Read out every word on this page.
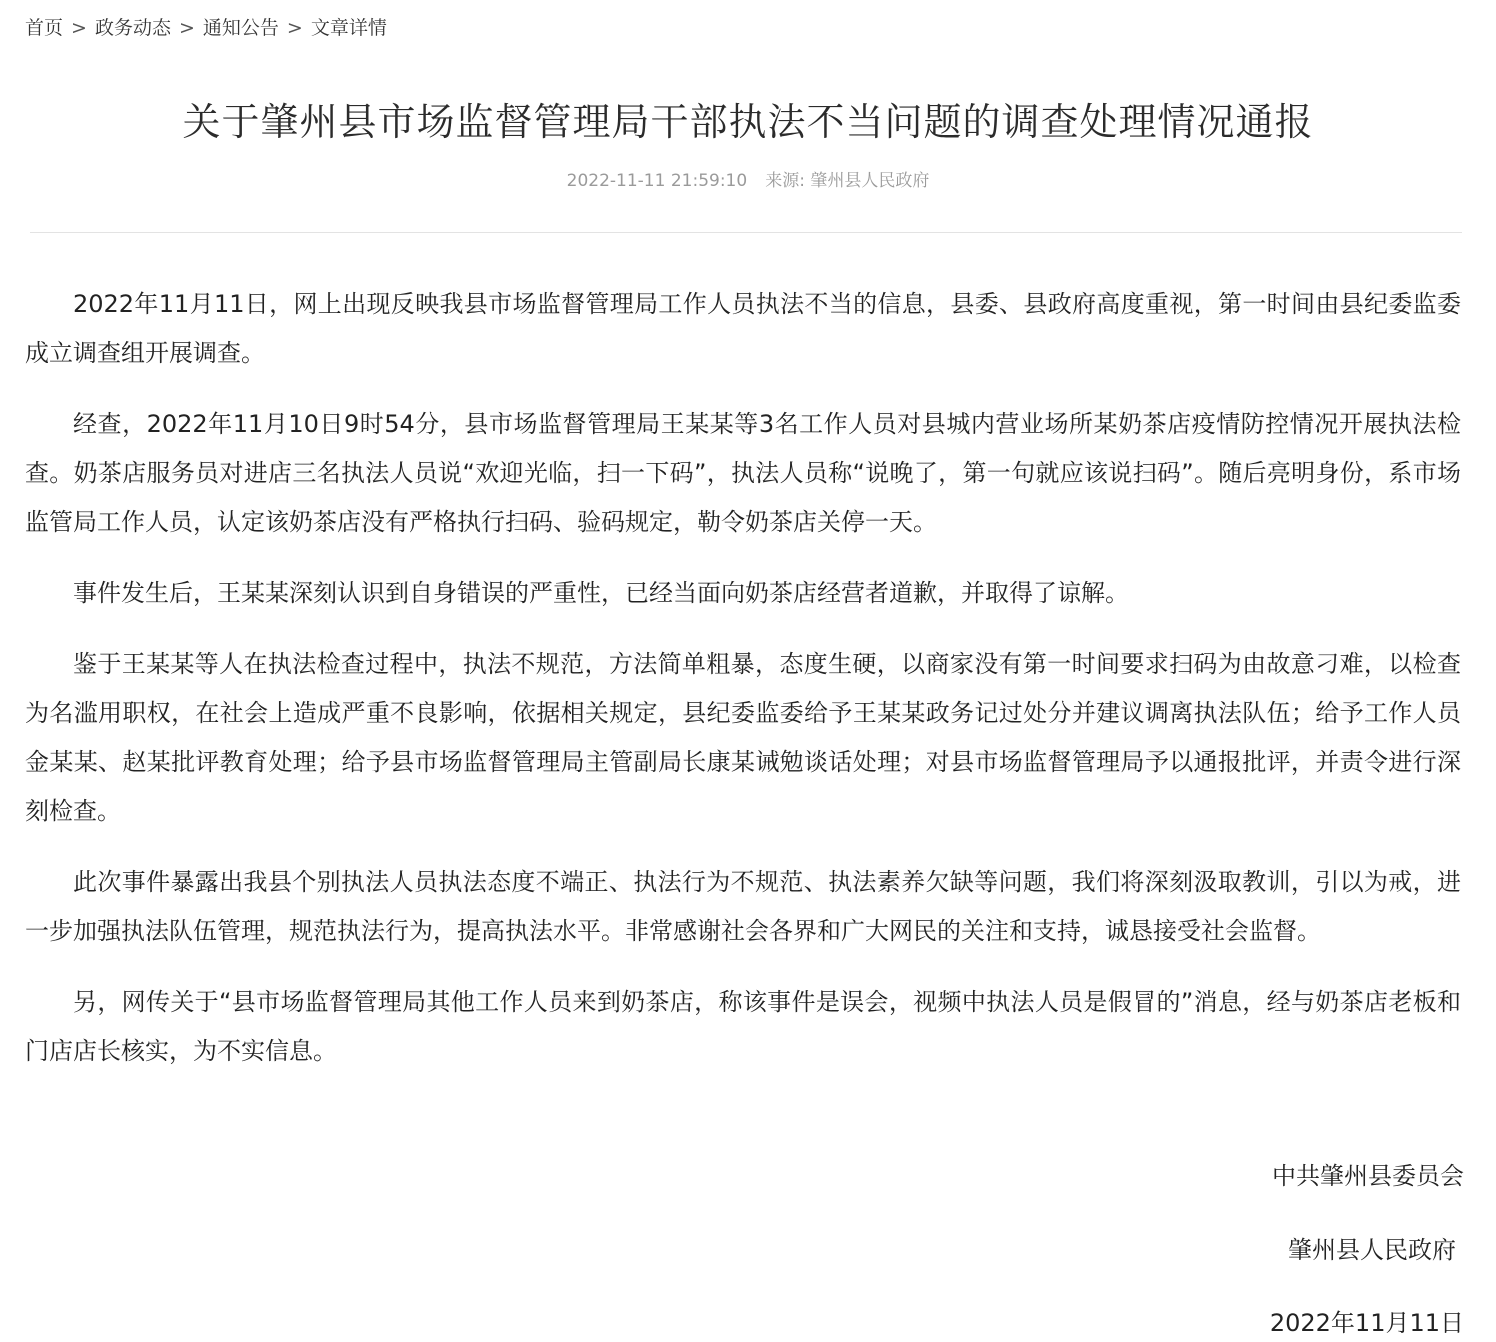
首页 > 政务动态 > 通知公告 > 文章详情
关于肇州县市场监督管理局干部执法不当问题的调查处理情况通报
2022-11-11 21:59:10 来源: 肇州县人民政府

2022年11月11日，网上出现反映我县市场监督管理局工作人员执法不当的信息，县委、县政府高度重视，第一时间由县纪委监委成立调查组开展调查。

经查，2022年11月10日9时54分，县市场监督管理局王某某等3名工作人员对县城内营业场所某奶茶店疫情防控情况开展执法检查。奶茶店服务员对进店三名执法人员说“欢迎光临，扫一下码”，执法人员称“说晚了，第一句就应该说扫码”。随后亮明身份，系市场监管局工作人员，认定该奶茶店没有严格执行扫码、验码规定，勒令奶茶店关停一天。

事件发生后，王某某深刻认识到自身错误的严重性，已经当面向奶茶店经营者道歉，并取得了谅解。

鉴于王某某等人在执法检查过程中，执法不规范，方法简单粗暴，态度生硬，以商家没有第一时间要求扫码为由故意刁难，以检查为名滥用职权，在社会上造成严重不良影响，依据相关规定，县纪委监委给予王某某政务记过处分并建议调离执法队伍；给予工作人员金某某、赵某批评教育处理；给予县市场监督管理局主管副局长康某诫勉谈话处理；对县市场监督管理局予以通报批评，并责令进行深刻检查。

此次事件暴露出我县个别执法人员执法态度不端正、执法行为不规范、执法素养欠缺等问题，我们将深刻汲取教训，引以为戒，进一步加强执法队伍管理，规范执法行为，提高执法水平。非常感谢社会各界和广大网民的关注和支持，诚恳接受社会监督。

另，网传关于“县市场监督管理局其他工作人员来到奶茶店，称该事件是误会，视频中执法人员是假冒的”消息，经与奶茶店老板和门店店长核实，为不实信息。

中共肇州县委员会
肇州县人民政府
2022年11月11日
